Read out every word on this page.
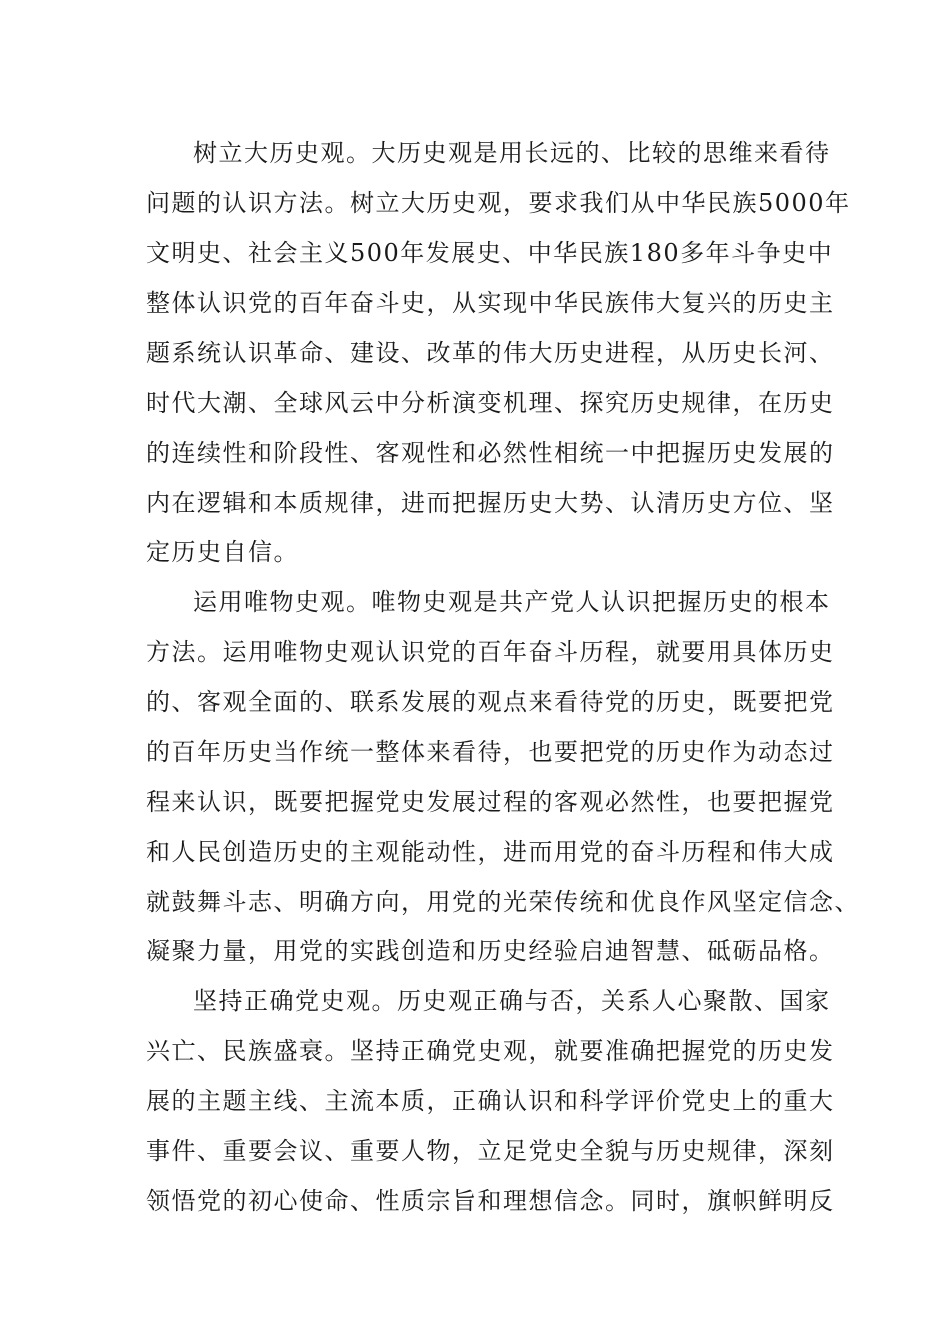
树立大历史观。大历史观是用长远的、比较的思维来看待
问题的认识方法。树立大历史观，要求我们从中华民族5000年
文明史、社会主义500年发展史、中华民族180多年斗争史中
整体认识党的百年奋斗史，从实现中华民族伟大复兴的历史主
题系统认识革命、建设、改革的伟大历史进程，从历史长河、
时代大潮、全球风云中分析演变机理、探究历史规律，在历史
的连续性和阶段性、客观性和必然性相统一中把握历史发展的
内在逻辑和本质规律，进而把握历史大势、认清历史方位、坚
定历史自信。
运用唯物史观。唯物史观是共产党人认识把握历史的根本
方法。运用唯物史观认识党的百年奋斗历程，就要用具体历史
的、客观全面的、联系发展的观点来看待党的历史，既要把党
的百年历史当作统一整体来看待，也要把党的历史作为动态过
程来认识，既要把握党史发展过程的客观必然性，也要把握党
和人民创造历史的主观能动性，进而用党的奋斗历程和伟大成
就鼓舞斗志、明确方向，用党的光荣传统和优良作风坚定信念、
凝聚力量，用党的实践创造和历史经验启迪智慧、砥砺品格。
坚持正确党史观。历史观正确与否，关系人心聚散、国家
兴亡、民族盛衰。坚持正确党史观，就要准确把握党的历史发
展的主题主线、主流本质，正确认识和科学评价党史上的重大
事件、重要会议、重要人物，立足党史全貌与历史规律，深刻
领悟党的初心使命、性质宗旨和理想信念。同时，旗帜鲜明反
